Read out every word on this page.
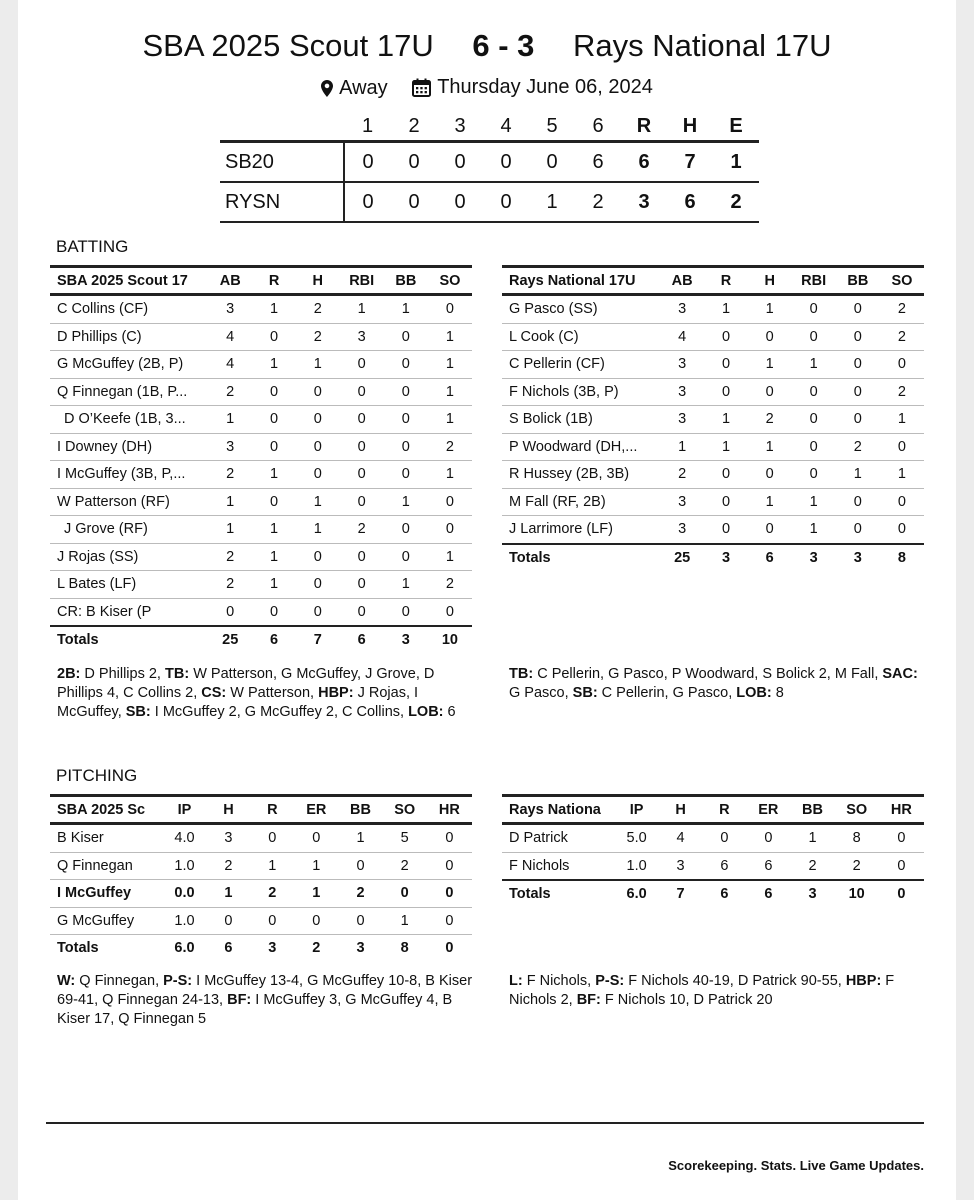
SBA 2025 Scout 17U 6 - 3 Rays National 17U
Away
Thursday June 06, 2024
	1	2	3	4	5	6	R	H	E
SB20	0	0	0	0	0	6	6	7	1
RYSN	0	0	0	0	1	2	3	6	2
BATTING
SBA 2025 Scout 17	AB	R	H	RBI	BB	SO
C Collins (CF)	3	1	2	1	1	0
D Phillips (C)	4	0	2	3	0	1
G McGuffey (2B, P)	4	1	1	0	0	1
Q Finnegan (1B, P...	2	0	0	0	0	1
D O’Keefe (1B, 3...	1	0	0	0	0	1
I Downey (DH)	3	0	0	0	0	2
I McGuffey (3B, P,...	2	1	0	0	0	1
W Patterson (RF)	1	0	1	0	1	0
J Grove (RF)	1	1	1	2	0	0
J Rojas (SS)	2	1	0	0	0	1
L Bates (LF)	2	1	0	0	1	2
CR: B Kiser (P	0	0	0	0	0	0
Totals	25	6	7	6	3	10
Rays National 17U	AB	R	H	RBI	BB	SO
G Pasco (SS)	3	1	1	0	0	2
L Cook (C)	4	0	0	0	0	2
C Pellerin (CF)	3	0	1	1	0	0
F Nichols (3B, P)	3	0	0	0	0	2
S Bolick (1B)	3	1	2	0	0	1
P Woodward (DH,...	1	1	1	0	2	0
R Hussey (2B, 3B)	2	0	0	0	1	1
M Fall (RF, 2B)	3	0	1	1	0	0
J Larrimore (LF)	3	0	0	1	0	0
Totals	25	3	6	3	3	8
2B: D Phillips 2, TB: W Patterson, G McGuffey, J Grove, D Phillips 4, C Collins 2, CS: W Patterson, HBP: J Rojas, I McGuffey, SB: I McGuffey 2, G McGuffey 2, C Collins, LOB: 6
TB: C Pellerin, G Pasco, P Woodward, S Bolick 2, M Fall, SAC: G Pasco, SB: C Pellerin, G Pasco, LOB: 8
PITCHING
SBA 2025 Sc	IP	H	R	ER	BB	SO	HR
B Kiser	4.0	3	0	0	1	5	0
Q Finnegan	1.0	2	1	1	0	2	0
I McGuffey	0.0	1	2	1	2	0	0
G McGuffey	1.0	0	0	0	0	1	0
Totals	6.0	6	3	2	3	8	0
Rays Nationa	IP	H	R	ER	BB	SO	HR
D Patrick	5.0	4	0	0	1	8	0
F Nichols	1.0	3	6	6	2	2	0
Totals	6.0	7	6	6	3	10	0
W: Q Finnegan, P-S: I McGuffey 13-4, G McGuffey 10-8, B Kiser 69-41, Q Finnegan 24-13, BF: I McGuffey 3, G McGuffey 4, B Kiser 17, Q Finnegan 5
L: F Nichols, P-S: F Nichols 40-19, D Patrick 90-55, HBP: F Nichols 2, BF: F Nichols 10, D Patrick 20
Scorekeeping. Stats. Live Game Updates.
